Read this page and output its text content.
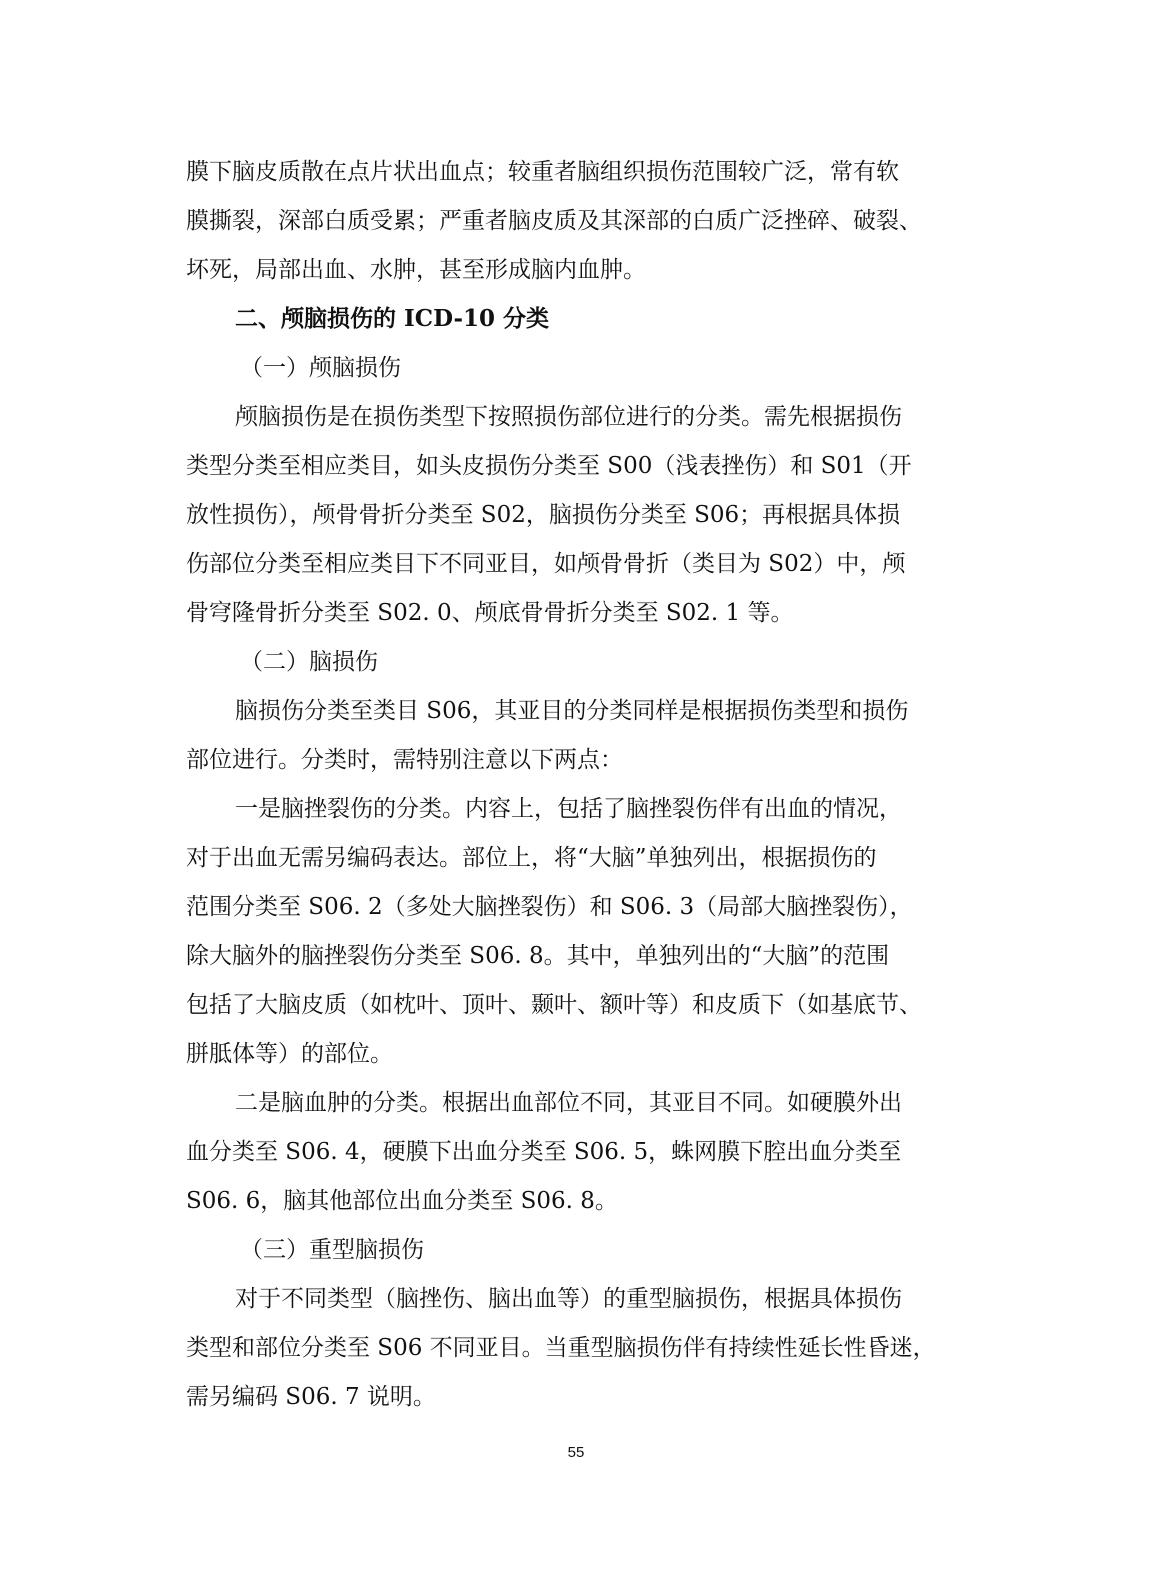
膜下脑皮质散在点片状出血点；较重者脑组织损伤范围较广泛，常有软
膜撕裂，深部白质受累；严重者脑皮质及其深部的白质广泛挫碎、破裂、
坏死，局部出血、水肿，甚至形成脑内血肿。
二、颅脑损伤的 ICD-10 分类
（一）颅脑损伤
颅脑损伤是在损伤类型下按照损伤部位进行的分类。需先根据损伤
类型分类至相应类目，如头皮损伤分类至 S00（浅表挫伤）和 S01（开
放性损伤），颅骨骨折分类至 S02，脑损伤分类至 S06；再根据具体损
伤部位分类至相应类目下不同亚目，如颅骨骨折（类目为 S02）中，颅
骨穹隆骨折分类至 S02. 0、颅底骨骨折分类至 S02. 1 等。
（二）脑损伤
脑损伤分类至类目 S06，其亚目的分类同样是根据损伤类型和损伤
部位进行。分类时，需特别注意以下两点：
一是脑挫裂伤的分类。内容上，包括了脑挫裂伤伴有出血的情况，
对于出血无需另编码表达。部位上，将“大脑”单独列出，根据损伤的
范围分类至 S06. 2（多处大脑挫裂伤）和 S06. 3（局部大脑挫裂伤），
除大脑外的脑挫裂伤分类至 S06. 8。其中，单独列出的“大脑”的范围
包括了大脑皮质（如枕叶、顶叶、颞叶、额叶等）和皮质下（如基底节、
胼胝体等）的部位。
二是脑血肿的分类。根据出血部位不同，其亚目不同。如硬膜外出
血分类至 S06. 4，硬膜下出血分类至 S06. 5，蛛网膜下腔出血分类至
S06. 6，脑其他部位出血分类至 S06. 8。
（三）重型脑损伤
对于不同类型（脑挫伤、脑出血等）的重型脑损伤，根据具体损伤
类型和部位分类至 S06 不同亚目。当重型脑损伤伴有持续性延长性昏迷，
需另编码 S06. 7 说明。
55
